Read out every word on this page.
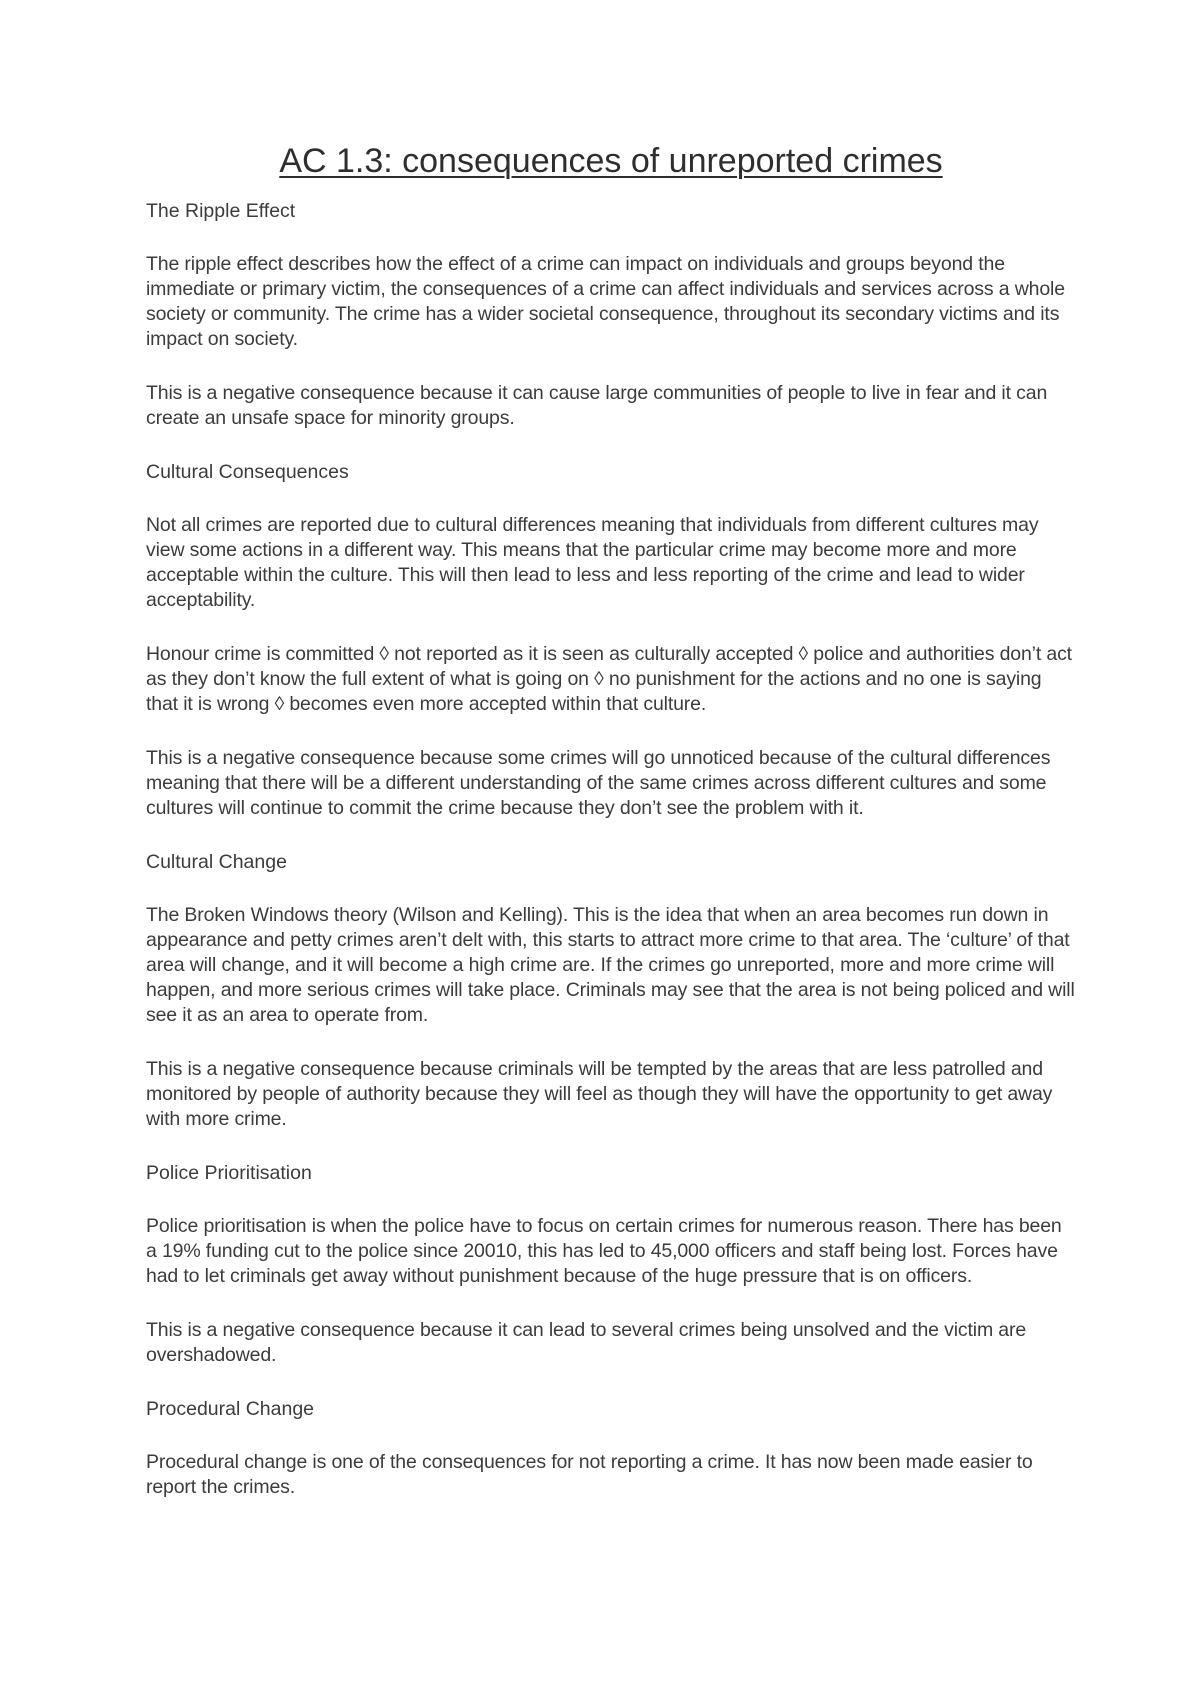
AC 1.3: consequences of unreported crimes
The Ripple Effect

The ripple effect describes how the effect of a crime can impact on individuals and groups beyond the immediate or primary victim, the consequences of a crime can affect individuals and services across a whole society or community. The crime has a wider societal consequence, throughout its secondary victims and its impact on society.

This is a negative consequence because it can cause large communities of people to live in fear and it can create an unsafe space for minority groups.

Cultural Consequences

Not all crimes are reported due to cultural differences meaning that individuals from different cultures may view some actions in a different way. This means that the particular crime may become more and more acceptable within the culture. This will then lead to less and less reporting of the crime and lead to wider acceptability.

Honour crime is committed ◊ not reported as it is seen as culturally accepted ◊ police and authorities don’t act as they don’t know the full extent of what is going on ◊ no punishment for the actions and no one is saying that it is wrong ◊ becomes even more accepted within that culture.

This is a negative consequence because some crimes will go unnoticed because of the cultural differences meaning that there will be a different understanding of the same crimes across different cultures and some cultures will continue to commit the crime because they don’t see the problem with it.

Cultural Change

The Broken Windows theory (Wilson and Kelling). This is the idea that when an area becomes run down in appearance and petty crimes aren’t delt with, this starts to attract more crime to that area. The ‘culture’ of that area will change, and it will become a high crime are. If the crimes go unreported, more and more crime will happen, and more serious crimes will take place. Criminals may see that the area is not being policed and will see it as an area to operate from.

This is a negative consequence because criminals will be tempted by the areas that are less patrolled and monitored by people of authority because they will feel as though they will have the opportunity to get away with more crime.

Police Prioritisation

Police prioritisation is when the police have to focus on certain crimes for numerous reason. There has been a 19% funding cut to the police since 20010, this has led to 45,000 officers and staff being lost. Forces have had to let criminals get away without punishment because of the huge pressure that is on officers.

This is a negative consequence because it can lead to several crimes being unsolved and the victim are overshadowed.

Procedural Change

Procedural change is one of the consequences for not reporting a crime. It has now been made easier to report the crimes.
